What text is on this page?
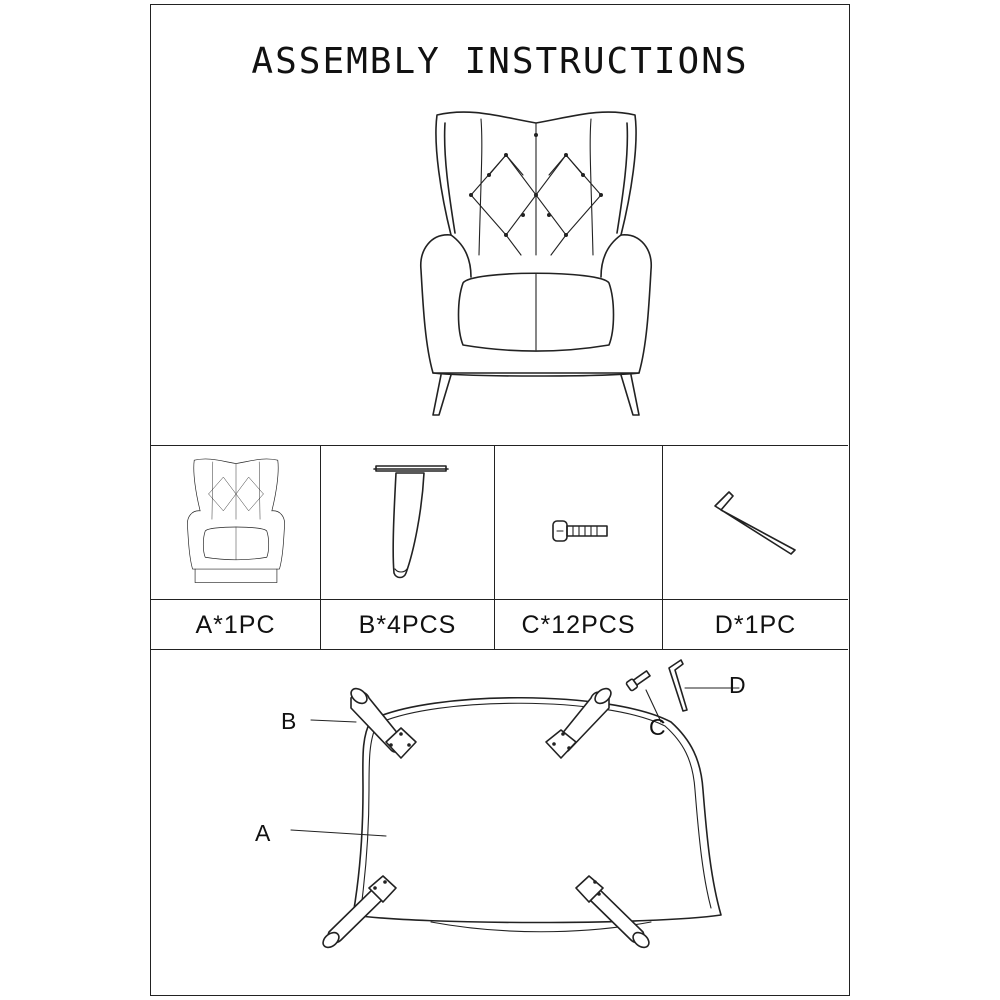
ASSEMBLY INSTRUCTIONS
A*1PC	B*4PCS	C*12PCS	D*1PC
B
A
C
D
